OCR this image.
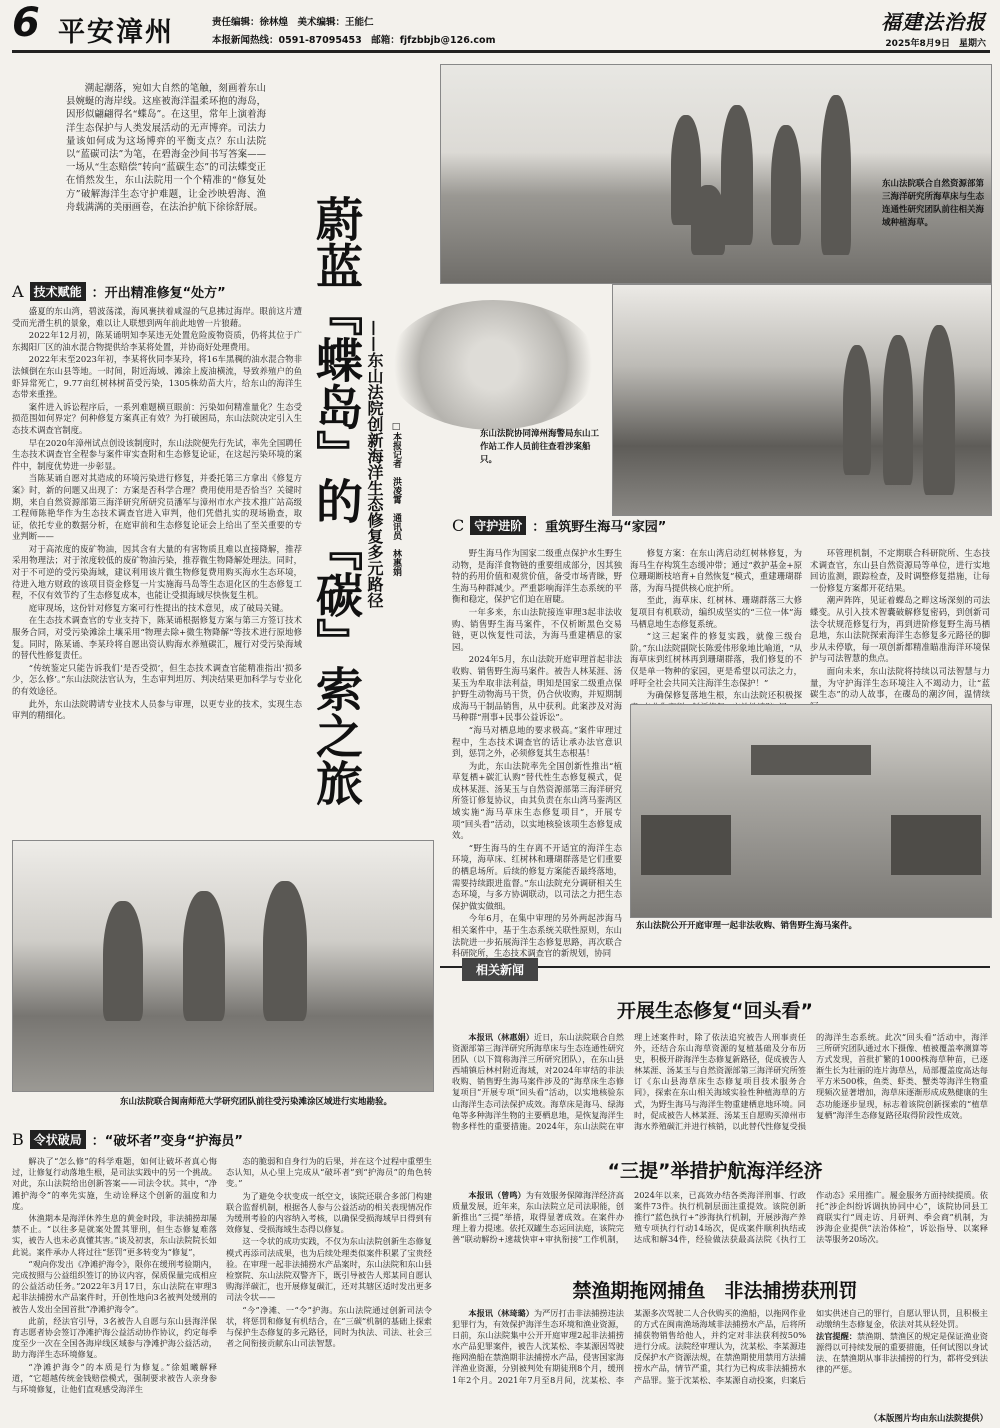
6 平安漳州	责任编辑：徐林煌　美术编辑：王能仁
本报新闻热线：0591-87095453　邮箱：fjfzbbjb@126.com
福建法治报
2025年8月9日　星期六

溯起潮落，宛如大自然的笔触，刻画着东山县婉蜒的海岸线。这座被海洋温柔环抱的海岛，因形似翩翩得名“蝶岛”。在这里，常年上演着海洋生态保护与人类发展活动的无声博弈。司法力量该如何成为这场博弈的平衡支点？东山法院以“蓝碳司法”为笔，在碧海金沙间书写答案——一场从“生态赔偿”转向“蓝碳生态”的司法蝶变正在悄然发生，东山法院用一个个精准的“修复处方”破解海洋生态守护难题，让金沙映碧海、渔舟载满满的美丽画卷，在法治护航下徐徐舒展。 蔚蓝『蝶岛』的『碳』索之旅
——东山法院创新海洋生态修复多元路径 □本报记者　洪凌霄　通讯员　林惠娟
东山法院联合自然资源部第三海洋研究所海草床与生态连通性研究团队前往相关海域种植海草。
东山法院协同漳州海警局东山工作站工作人员前往查看涉案船只。
A 技术赋能 ：开出精准修复“处方”

盛夏的东山湾，碧波荡漾，海风裹挟着咸湿的气息拂过海岸。眼前这片遭受而光滑生机的景象，难以让人联想到两年前此地曾一片狼藉。

2022年12月初，陈某诵明知李某违无处置危险废物资质，仍将其位于广东揭阳厂区的油水混合物提供给李某将处置，并协商好处理费用。

2022年末至2023年初，李某将伙同李某玲，将16车黑稠的油水混合物非法倾倒在东山县等地。一时间，附近海域、滩涂上废油横流，导致养殖户的鱼虾异常死亡，9.77亩红树林树苗受污染，1305株幼苗大片，给东山的海洋生态带来重挫。

案件进入诉讼程序后，一系列难题横亘眼前：污染如何精准量化？生态受损范围如何界定？何种修复方案真正有效？为打破困局，东山法院决定引入生态技术调查官制度。

早在2020年漳州试点创设该制度时，东山法院便先行先试，率先全国聘任生态技术调查官全程参与案件审实查附和生态修复论证，在这起污染环境的案件中，制度优势进一步彰显。

当陈某诵自愿对其造成的环境污染进行修复，并委托第三方拿出《修复方案》时，新的问题又出现了：方案是否科学合理？费用使用是否恰当？关键时期，来自自然资源部第三海洋研究所研究员潘军与漳州市水产技术推广站高级工程师陈艳华作为生态技术调查官进入审判，他们凭借扎实的现场勘查，取证，依托专业的数据分析，在庭审前和生态修复论证会上给出了至关重要的专业判断——

对于高浓度的废矿物油，因其含有大量的有害物质且难以直接降解，推荐采用物理法；对于浓度较低的废矿物油污染，推荐微生物降解处理法。同时，对于不可逆的受污染海域，建议利用该片微生物修复费用购买海水生态环境，待进入地方财政的该项目资金修复一片实施海马岛等生态退化区的生态修复工程，不仅有效节约了生态修复成本，也能让受损海域尽快恢复生机。

庭审现场，这份针对修复方案可行性提出的技术意见，成了破局关键。

在生态技术调查官的专业支持下，陈某诵根据修复方案与第三方签订技术服务合同，对受污染滩涂土壤采用“物理去除+微生物降解”等技术进行原地修复。同时，陈某诵、李某玲将自愿出资认购海水养殖碳汇，履行对受污染海域的替代性修复责任。

“传统鉴定只能告诉我们‘是否受损’，但生态技术调查官能精准指出‘损多少，怎么修’。”东山法院法官认为，生态审判坦厉、判决结果更加科学与专业化的有效途径。

此外，东山法院聘请专业技术人员参与审理，以更专业的技术，实现生态审判的精细化。

C 守护进阶 ：重筑野生海马“家园”

野生海马作为国家二级重点保护水生野生动物，是海洋食物链的重要组成部分，因其独特的药用价值和观赏价值，备受市场青睐，野生海马种群减少。严重影响海洋生态系统的平衡和稳定，保护它们迫在眉睫。

一年多来，东山法院接连审理3起非法收购、销售野生海马案件，不仅析断黑色交易链，更以恢复性司法，为海马重建栖息的家园。

2024年5月，东山法院开庭审理首起非法收购、销售野生海马案件。被告人林某涯、汤某玉为牟取非法利益，明知是国家二级重点保护野生动物海马干货，仍合伙收购，并短期制成海马干制品销售，从中获利。此案涉及对海马种群“刑事+民事公益诉讼”。

“海马对栖息地的要求极高。”案件审理过程中，生态技术调查官的话让承办法官意识到，惩罚之外，必须修复其生态根基！

为此，东山法院率先全国创新性推出“植草复栖+碳汇认购”替代性生态修复模式，促成林某涯、汤某玉与自然资源部第三海洋研究所签订修复协议，由其负责在东山湾马銮湾区域实施“海马草床生态修复项目”，开展专项“回头看”活动，以实地核验该项生态修复成效。

“野生海马的生存离不开适宜的海洋生态环境，海草床、红树林和珊瑚群落是它们重要的栖息场所。后续的修复方案能否最终落地，需要持续跟进监督。”东山法院充分调研相关生态环境，与多方协调联动，以司法之力把生态保护做实做细。

今年6月，在集中审理的另外两起涉海马相关案件中，基于生态系统关联性原则，东山法院进一步拓展海洋生态修复思路，再次联合科研院所，生态技术调查官的新规划，协同

修复方案：在东山湾启动红树林修复，为海马生存构筑生态缓冲带；通过“救护基金+原位珊瑚断枝培育+自然恢复”模式，重建珊瑚群落，为海马提供核心庇护所。

至此，海草床、红树林、珊瑚群落三大修复项目有机联动，编织成坚实的“三位一体”海马栖息地生态修复系统。

“这三起案件的修复实践，就像三级台阶。”东山法院副院长陈爱伟形象地比喻道，“从海草床到红树林再到珊瑚群落，我们修复的不仅是单一物种的家园，更是希望以司法之力，呼吁全社会共同关注海洋生态保护！”

为确保修复落地生根，东山法院还积极探

环管理机制，不定期联合科研院所、生态技术调查官，东山县自然资源局等单位，进行实地回访监测，跟踪检查，及时调整修复措施，让每一份修复方案都开花结果。

潮声阵阵，见证着蝶岛之畔这场深刻的司法蝶变。从引入技术智囊破解修复密码，到创新司法令状规范修复行为，再到进阶修复野生海马栖息地，东山法院探索海洋生态修复多元路径的脚步从未停歇，每一项创新都精准瞄准海洋环境保护与司法智慧的焦点。

面向未来，东山法院将持续以司法智慧与力量，为守护海洋生态环境注入不竭动力，让“蓝碳生态”的动人故事，在碟岛的潮汐间，温情续

东山法院公开开庭审理一起非法收购、销售野生海马案件。
东山法院联合闽南师范大学研究团队前往受污染滩涂区域进行实地勘验。
B 令状破局 ：“破坏者”变身“护海员”

解决了“怎么修”的科学难题，如何让破坏者真心悔过，让修复行动落地生根，是司法实践中的另一个挑战。对此，东山法院给出创新答案——司法令状。其中，“净滩护海令”的率先实施，生动诠释这个创新的温度和力度。

休渔期本是海洋休养生息的黄金时段，非法捕捞却屡禁不止。“以往多是就案处置其罪刑，但生态修复难落实，被告人也未必真懂其害。”谈及初衷，东山法院院长如此说。案件承办人将过往“惩罚”更多转变为“修复”，

“观向你发出《净滩护海令》，限你在缓刑考验期内，完成按照与公益组织签订的协议内容，保质保量完成相应的公益活动任务。”2022年3月17日，东山法院在审理3起非法捕捞水产品案件时，开创性地向3名被判处缓刑的被告人发出全国首批“净滩护海令”。

此前，经法官引导，3名被告人自愿与东山县海洋保育志愿者协会签订净滩护海公益活动协作协议，约定每季度至少一次在全国各海岸线区域参与净滩护海公益活动，助力海洋生态环境修复。

“净滩护海令”的本质是行为修复。”徐姐曦解释道，“它超越传统金钱赔偿模式，强制要求被告人亲身参与环境修复，让他们直观感受海洋生

态的脆弱和自身行为的后果，并在这个过程中重塑生态认知，从心里上完成从“破坏者”到“护海员”的角色转变。”

为了避免令状变成一纸空文，该院还联合多部门构建联合监督机制，根据各人参与公益活动的相关表现情况作为缓刑考验的内容纳入考核，以确保受损海域早日得到有效修复、受损海域生态得以修复。

这一令状的成功实践，不仅为东山法院创新生态修复模式再添司法成果，也为后续处理类似案件积累了宝贵经验。在审理一起非法捕捞水产品案时，东山法院和东山县检察院、东山法院双警齐下，既引导被告人郑某同自愿认购海洋碳汇，也开展修复碳汇，还对其辖区适时发出更多司法令状——

“今”净滩、一“令”护海。东山法院通过创新司法令状，将惩罚和修复有机结合，在“三碳”机制的基础上探索与保护生态修复的多元路径，同时为执法、司法、社会三者之间衔接贡献东山司法智慧。

相关新闻
开展生态修复“回头看”

本报讯（林惠娟）近日，东山法院联合自然资源部第三海洋研究所海草床与生态连通性研究团队（以下简称海洋三所研究团队），在东山县西埔镇后林村附近海域，对2024年审结的非法收购、销售野生海马案件涉及的“海草床生态修复项目”开展专项“回头看”活动，以实地核验东山海洋生态司法保护成效。海草床是海马、绿海龟等多种海洋生物的主要栖息地，是恢复海洋生物多样性的重要措施。2024年，东山法院在审理上述案件时，除了依法追究被告人刑事责任外，还结合东山海草资源的复植基础及分布历史，积极开辟海洋生态修复新路径，促成被告人林某涯、汤某玉与自然资源部第三海洋研究所签订《东山县海草床生态修复项目技术服务合同》，探索在东山相关海域实验性种植海草的方式，为野生海马与海洋生物重建栖息地环境。同时，促成被告人林某涯、汤某玉自愿购买漳州市海水养殖碳汇并进行核销，以此替代性修复受损的海洋生态系统。此次“回头看”活动中，海洋三所研究团队通过水下摄像、植被覆盖率测算等方式发现，首批扩繁的1000株海草种苗，已逐渐生长为壮丽的连片海草丛，局部覆盖度高达每平方米500株，鱼类、虾类、蟹类等海洋生物重现频次显著增加，海草床逐渐形成成熟健康的生态功能逐步显现，标志着该院创新探索的“植草复栖”海洋生态修复路径取得阶段性成效。

“三提”举措护航海洋经济

本报讯（曾鸣）为有效服务保障海洋经济高质量发展，近年来，东山法院立足司法职能，创新推出“三提”举措，取得显著成效。在案件办理上着力提速。依托双罐生态运回法庭，该院完善“联动解纷+速裁快审+审执衔接”工作机制，2024年以来，已高效办结各类海洋刑事、行政案件73件。执行机制层面注重提效。该院创新推行“蓝色执行+”涉海执行机制，开展涉海产养殖专项执行行动14场次，促成案件顺利执结或达成和解34件，经验做法获最高法院《执行工作动态》采用推广。履金服务方面持续提质。依托“涉企纠纷诉调执协同中心”，该院协同县工商联实行“周走访、月研判、季会商”机制，为涉海企业提供“法治体检”，诉讼指导、以案释法等服务20场次。

禁渔期拖网捕鱼　非法捕捞获刑罚

本报讯（林琦璐）为严厉打击非法捕捞违法犯罪行为，有效保护海洋生态环境和渔业资源，日前，东山法院集中公开开庭审理2起非法捕捞水产品犯罪案件，被告人沈某松、李某源因驾驶拖网渔船在禁渔期非法捕捞水产品，侵害国家海洋渔业资源，分别被判处有期徒刑8个月，缓刑1年2个月。2021年7月至8月间，沈某松、李某源多次驾驶二人合伙购买的渔船，以拖网作业的方式在闽南渔场海域非法捕捞水产品，后将所捕获物销售给他人，并约定对非法获利按50%进行分成。法院经审理认为，沈某松、李某源违反保护水产资源法规，在禁渔期使用禁用方法捕捞水产品，情节严重，其行为已构成非法捕捞水产品罪。鉴于沈某松、李某源自动投案，归案后如实供述自己的罪行，自愿认罪认罚，且积极主动缴纳生态修复金，依法对其从轻处罚。

法官提醒：禁渔期、禁渔区的规定是保证渔业资源得以可持续发展的重要措施，任何试图以身试法、在禁渔期从事非法捕捞的行为，都将受到法律的严惩。

（本版图片均由东山法院提供）
